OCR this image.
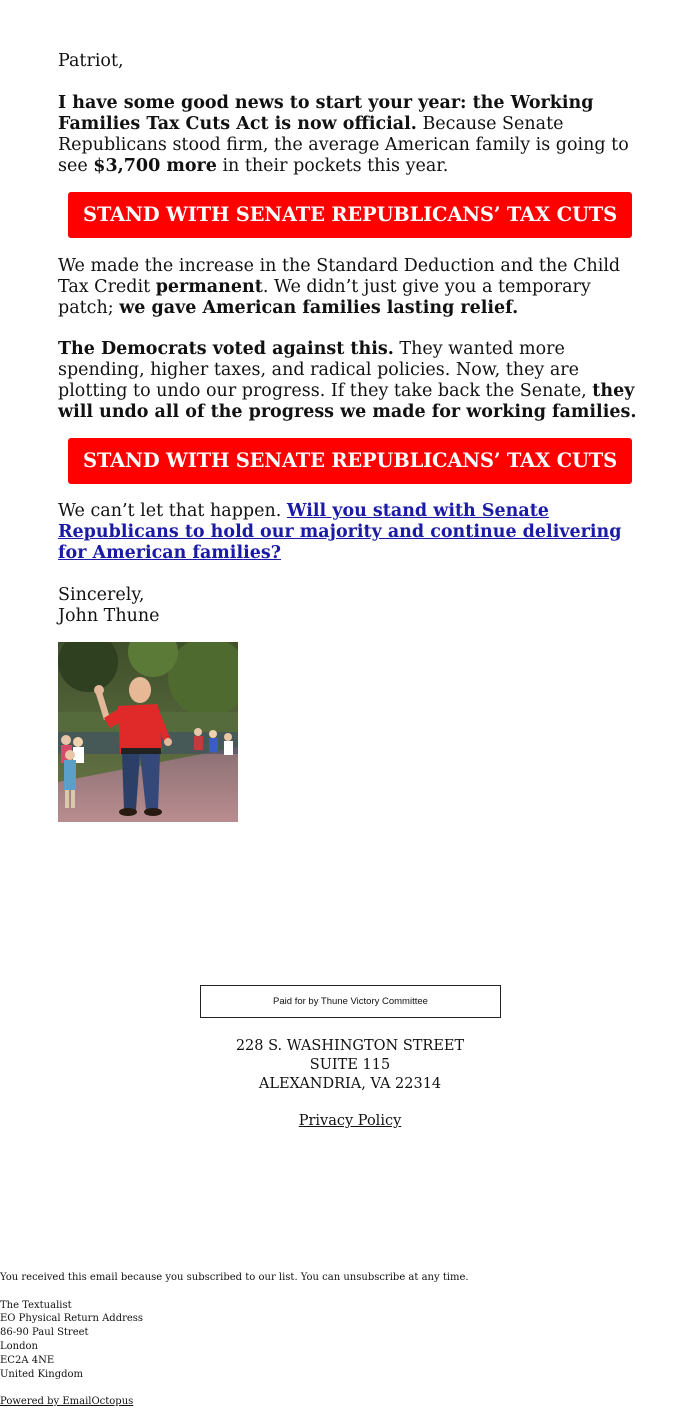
Patriot,

I have some good news to start your year: the Working Families Tax Cuts Act is now official. Because Senate Republicans stood firm, the average American family is going to see $3,700 more in their pockets this year.

STAND WITH SENATE REPUBLICANS’ TAX CUTS

We made the increase in the Standard Deduction and the Child Tax Credit permanent. We didn’t just give you a temporary patch; we gave American families lasting relief.

The Democrats voted against this. They wanted more spending, higher taxes, and radical policies. Now, they are plotting to undo our progress. If they take back the Senate, they will undo all of the progress we made for working families.

STAND WITH SENATE REPUBLICANS’ TAX CUTS

We can’t let that happen. Will you stand with Senate Republicans to hold our majority and continue delivering for American families?

Sincerely,
John Thune

Paid for by Thune Victory Committee
228 S. WASHINGTON STREET
SUITE 115
ALEXANDRIA, VA 22314
Privacy Policy
You received this email because you subscribed to our list. You can unsubscribe at any time.
The Textualist
EO Physical Return Address
86-90 Paul Street
London
EC2A 4NE
United Kingdom
Powered by EmailOctopus
